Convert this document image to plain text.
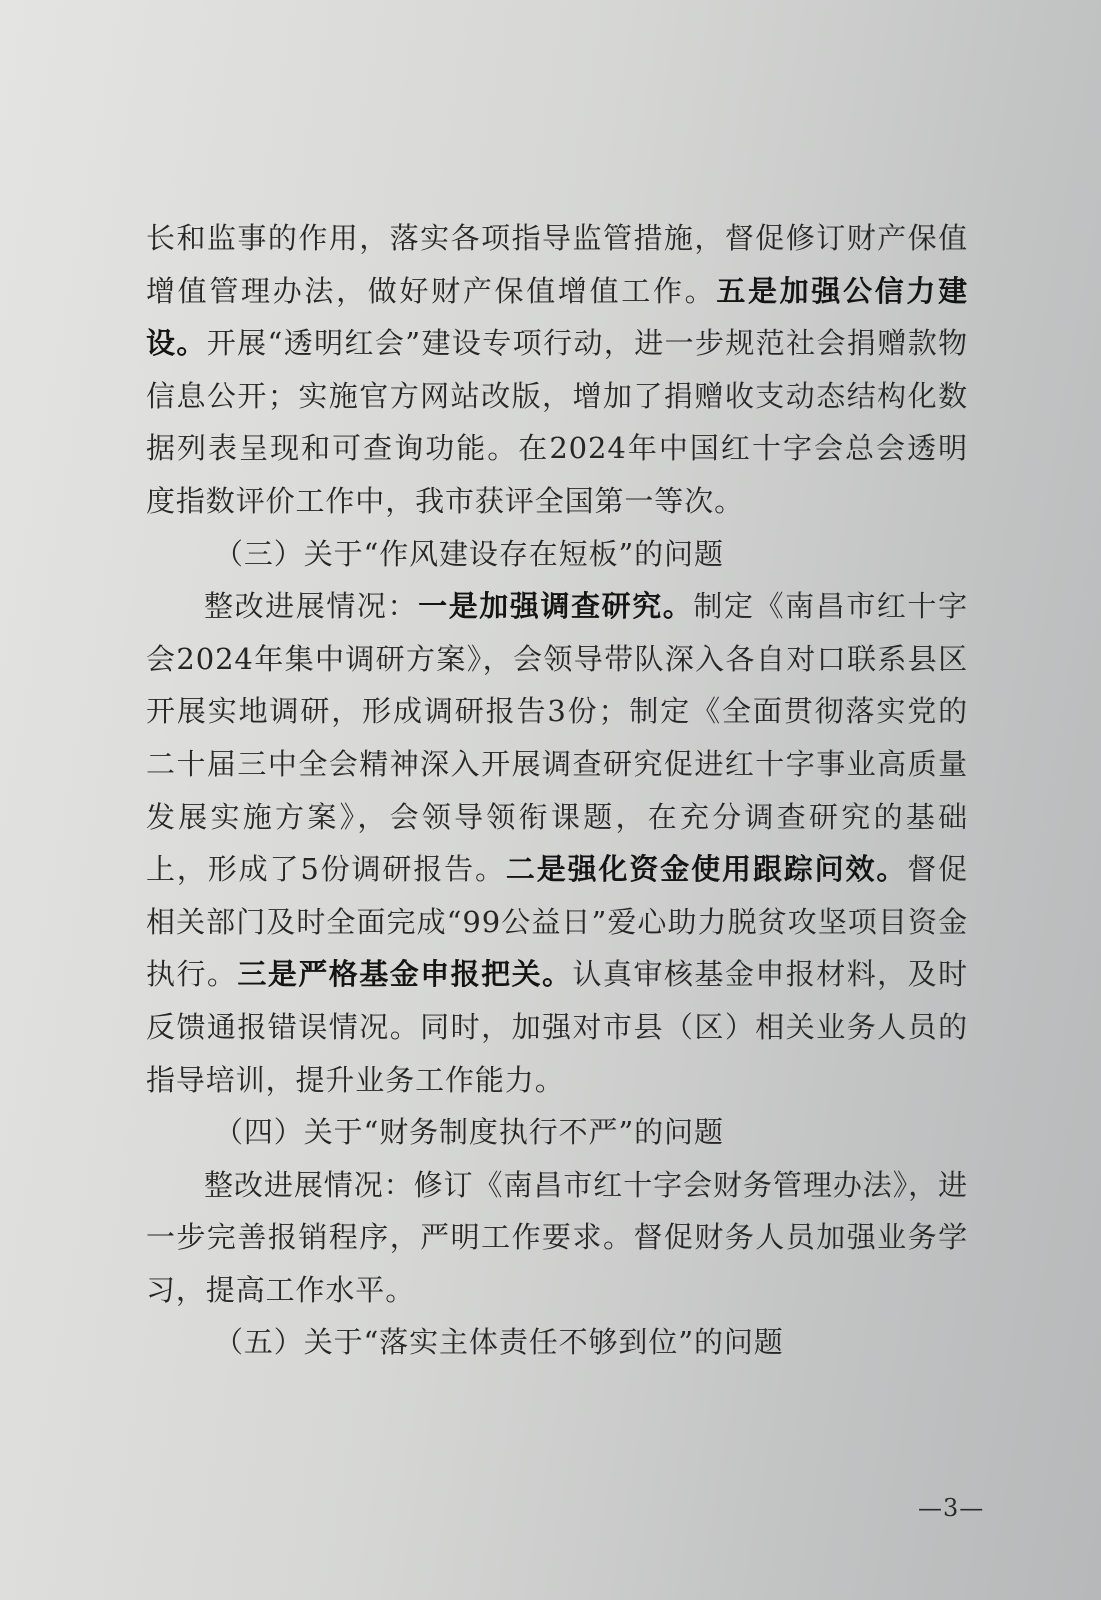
长和监事的作用，落实各项指导监管措施，督促修订财产保值增值管理办法，做好财产保值增值工作。五是加强公信力建设。开展“透明红会”建设专项行动，进一步规范社会捐赠款物信息公开；实施官方网站改版，增加了捐赠收支动态结构化数据列表呈现和可查询功能。在2024年中国红十字会总会透明度指数评价工作中，我市获评全国第一等次。

（三）关于“作风建设存在短板”的问题

整改进展情况：一是加强调查研究。制定《南昌市红十字会2024年集中调研方案》，会领导带队深入各自对口联系县区开展实地调研，形成调研报告3份；制定《全面贯彻落实党的二十届三中全会精神深入开展调查研究促进红十字事业高质量发展实施方案》，会领导领衔课题，在充分调查研究的基础上，形成了5份调研报告。二是强化资金使用跟踪问效。督促相关部门及时全面完成“99公益日”爱心助力脱贫攻坚项目资金执行。三是严格基金申报把关。认真审核基金申报材料，及时反馈通报错误情况。同时，加强对市县（区）相关业务人员的指导培训，提升业务工作能力。

（四）关于“财务制度执行不严”的问题

整改进展情况：修订《南昌市红十字会财务管理办法》，进一步完善报销程序，严明工作要求。督促财务人员加强业务学习，提高工作水平。

（五）关于“落实主体责任不够到位”的问题

—3—
